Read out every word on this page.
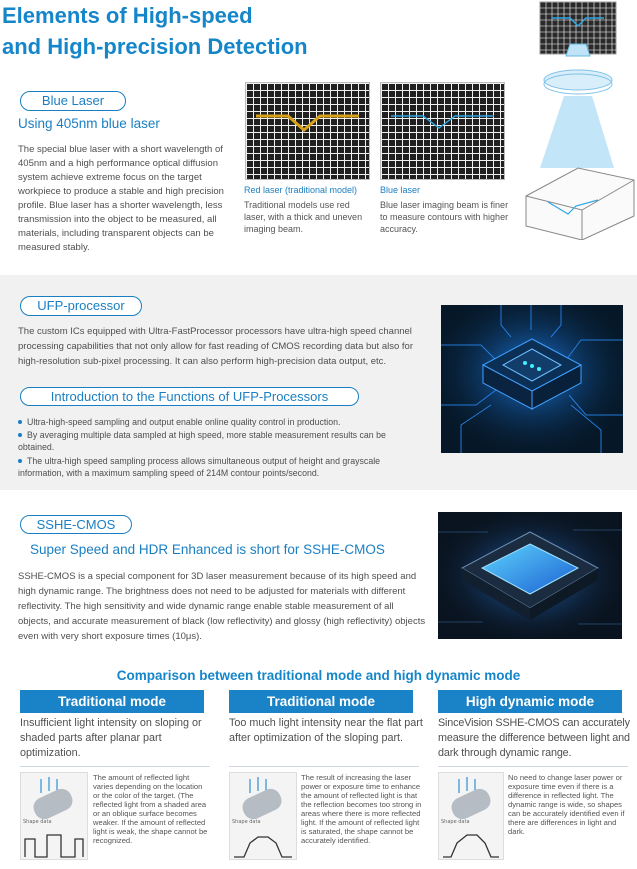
Elements of High-speed
and High-precision Detection
Blue Laser
Using 405nm blue laser
The special blue laser with a short wavelength of 405nm and a high performance optical diffusion system achieve extreme focus on the target workpiece to produce a stable and high precision profile. Blue laser has a shorter wavelength, less transmission into the object to be measured, all materials, including transparent objects can be measured stably.
Red laser (traditional model)
Traditional models use red laser, with a thick and uneven imaging beam.
Blue laser
Blue laser imaging beam is finer to measure contours with higher accuracy.
UFP-processor
The custom ICs equipped with Ultra-FastProcessor processors have ultra-high speed channel processing capabilities that not only allow for fast reading of CMOS recording data but also for high-resolution sub-pixel processing. It can also perform high-precision data output, etc.
Introduction to the Functions of UFP-Processors
Ultra-high-speed sampling and output enable online quality control in production.
By averaging multiple data sampled at high speed, more stable measurement results can be obtained.
The ultra-high speed sampling process allows simultaneous output of height and grayscale information, with a maximum sampling speed of 214M contour points/second.
SSHE-CMOS
Super Speed and HDR Enhanced is short for SSHE-CMOS
SSHE-CMOS is a special component for 3D laser measurement because of its high speed and high dynamic range. The brightness does not need to be adjusted for materials with different reflectivity. The high sensitivity and wide dynamic range enable stable measurement of all objects, and accurate measurement of black (low reflectivity) and glossy (high reflectivity) objects even with very short exposure times (10μs).
Comparison between traditional mode and high dynamic mode
Traditional mode
Insufficient light intensity on sloping or shaded parts after planar part optimization.
Shape data
The amount of reflected light varies depending on the location or the color of the target. (The reflected light from a shaded area or an oblique surface becomes weaker. If the amount of reflected light is weak, the shape cannot be recognized.
Traditional mode
Too much light intensity near the flat part after optimization of the sloping part.
Shape data
The result of increasing the laser power or exposure time to enhance the amount of reflected light is that the reflection becomes too strong in areas where there is more reflected light. If the amount of reflected light is saturated, the shape cannot be accurately identified.
High dynamic mode
SinceVision SSHE-CMOS can accurately measure the difference between light and dark through dynamic range.
Shape data
No need to change laser power or exposure time even if there is a difference in reflected light. The dynamic range is wide, so shapes can be accurately identified even if there are differences in light and dark.
